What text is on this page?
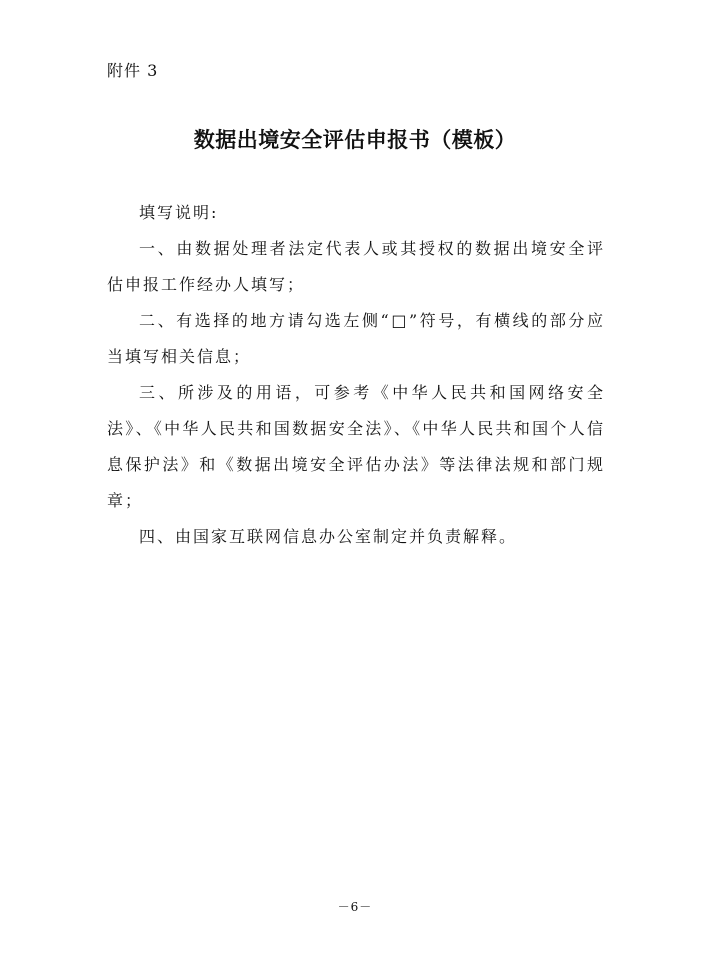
附件 3
数据出境安全评估申报书（模板）

填写说明:

一、由数据处理者法定代表人或其授权的数据出境安全评估申报工作经办人填写；

二、有选择的地方请勾选左侧“□”符号，有横线的部分应当填写相关信息；

三、所涉及的用语，可参考《中华人民共和国网络安全法》、《中华人民共和国数据安全法》、《中华人民共和国个人信息保护法》和《数据出境安全评估办法》等法律法规和部门规章；

四、由国家互联网信息办公室制定并负责解释。

－6－
